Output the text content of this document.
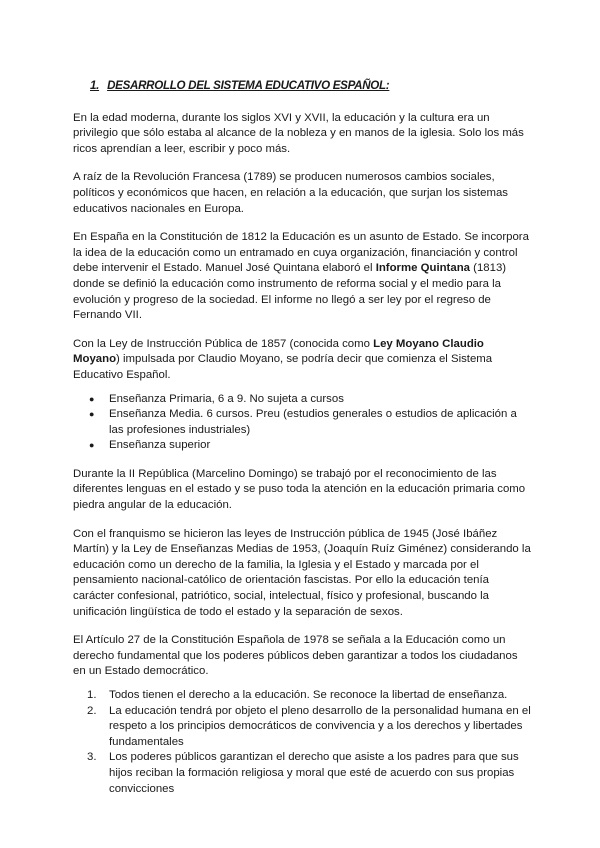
1. DESARROLLO DEL SISTEMA EDUCATIVO ESPAÑOL:

En la edad moderna, durante los siglos XVI y XVII, la educación y la cultura era un privilegio que sólo estaba al alcance de la nobleza y en manos de la iglesia. Solo los más ricos aprendían a leer, escribir y poco más.

A raíz de la Revolución Francesa (1789) se producen numerosos cambios sociales, políticos y económicos que hacen, en relación a la educación, que surjan los sistemas educativos nacionales en Europa.

En España en la Constitución de 1812 la Educación es un asunto de Estado. Se incorpora la idea de la educación como un entramado en cuya organización, financiación y control debe intervenir el Estado. Manuel José Quintana elaboró el Informe Quintana (1813) donde se definió la educación como instrumento de reforma social y el medio para la evolución y progreso de la sociedad. El informe no llegó a ser ley por el regreso de Fernando VII.

Con la Ley de Instrucción Pública de 1857 (conocida como Ley Moyano Claudio Moyano) impulsada por Claudio Moyano, se podría decir que comienza el Sistema Educativo Español.

● Enseñanza Primaria, 6 a 9. No sujeta a cursos
● Enseñanza Media. 6 cursos. Preu (estudios generales o estudios de aplicación a las profesiones industriales)
● Enseñanza superior

Durante la II República (Marcelino Domingo) se trabajó por el reconocimiento de las diferentes lenguas en el estado y se puso toda la atención en la educación primaria como piedra angular de la educación.

Con el franquismo se hicieron las leyes de Instrucción pública de 1945 (José Ibáñez Martín) y la Ley de Enseñanzas Medias de 1953, (Joaquín Ruíz Giménez) considerando la educación como un derecho de la familia, la Iglesia y el Estado y marcada por el pensamiento nacional-católico de orientación fascistas. Por ello la educación tenía carácter confesional, patriótico, social, intelectual, físico y profesional, buscando la unificación lingüística de todo el estado y la separación de sexos.

El Artículo 27 de la Constitución Española de 1978 se señala a la Educación como un derecho fundamental que los poderes públicos deben garantizar a todos los ciudadanos en un Estado democrático.

1. Todos tienen el derecho a la educación. Se reconoce la libertad de enseñanza.
2. La educación tendrá por objeto el pleno desarrollo de la personalidad humana en el respeto a los principios democráticos de convivencia y a los derechos y libertades fundamentales
3. Los poderes públicos garantizan el derecho que asiste a los padres para que sus hijos reciban la formación religiosa y moral que esté de acuerdo con sus propias convicciones
